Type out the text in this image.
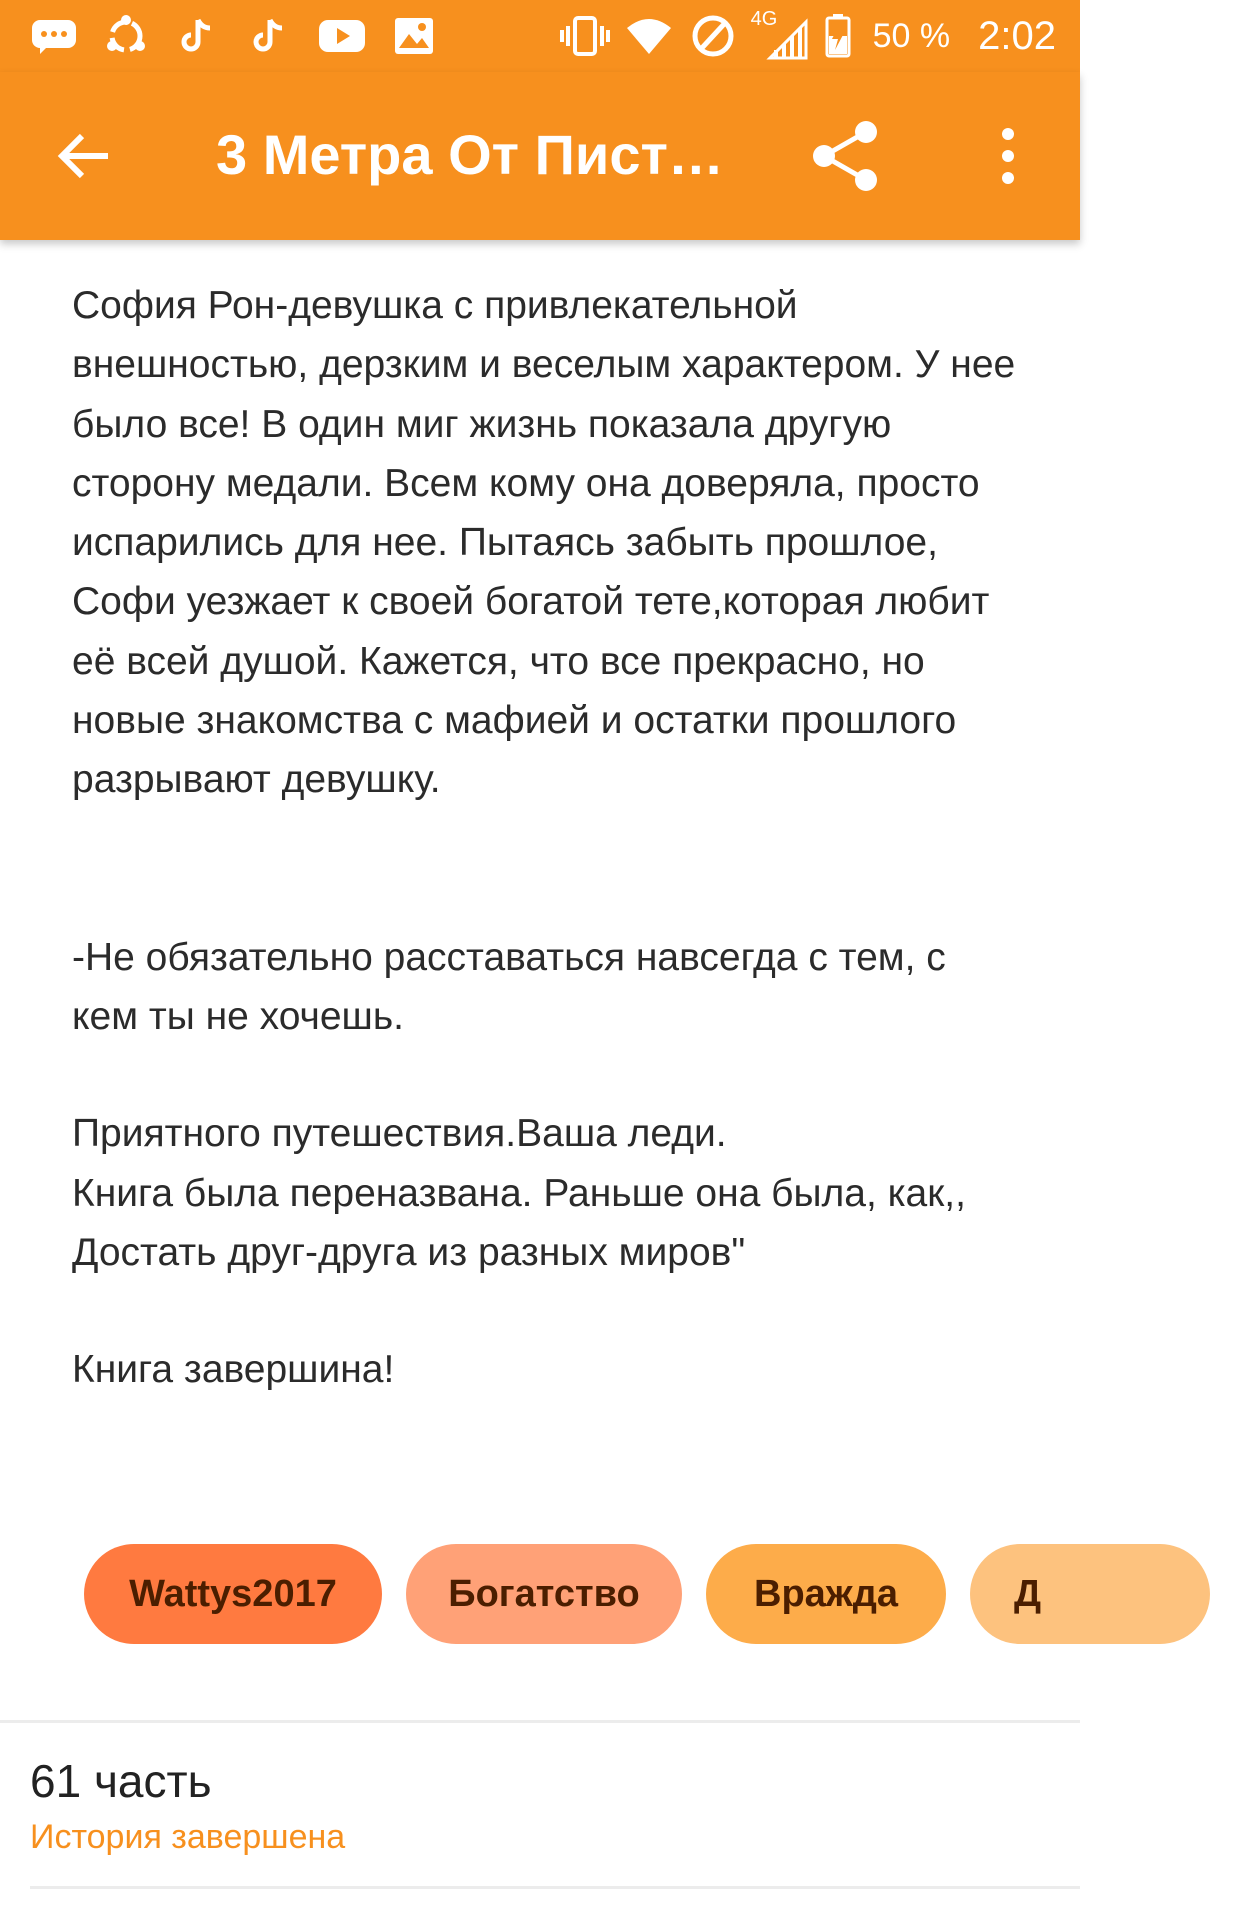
4G	50 % 2:02
3 Метра От Пист…

София Рон-девушка с привлекательной внешностью, дерзким и веселым характером. У нее было все! В один миг жизнь показала другую сторону медали. Всем кому она доверяла, просто испарились для нее. Пытаясь забыть прошлое, Софи уезжает к своей богатой тете,которая любит её всей душой. Кажется, что все прекрасно, но новые знакомства с мафией и остатки прошлого разрывают девушку.

-Не обязательно расставаться навсегда с тем, с кем ты не хочешь.

Приятного путешествия.Ваша леди.

Книга была переназвана. Раньше она была, как,, Достать друг-друга из разных миров"

Книга завершина!

Wattys2017	Богатство	Вражда	Д
61 часть
История завершена
